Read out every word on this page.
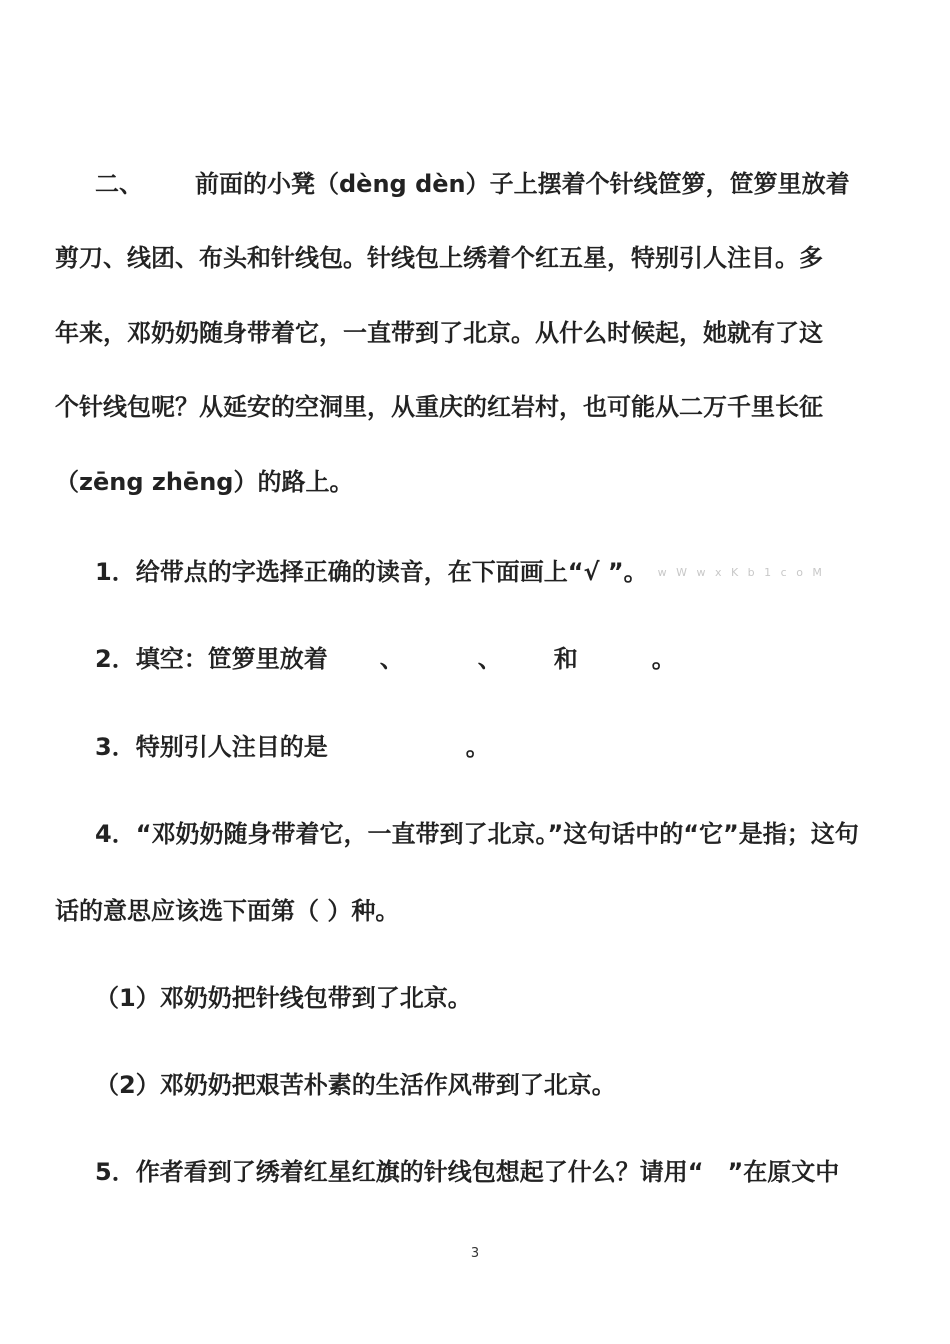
二、 前面的小凳（dèng dèn）子上摆着个针线笸箩，笸箩里放着
剪刀、线团、布头和针线包。针线包上绣着个红五星，特别引人注目。多
年来，邓奶奶随身带着它，一直带到了北京。从什么时候起，她就有了这
个针线包呢？从延安的空洞里，从重庆的红岩村，也可能从二万千里长征
（zēng zhēng）的路上。
1．给带点的字选择正确的读音，在下面画上“√ ”。 w W w x K b 1 c o M
2．填空：笸箩里放着 、	、 和	。
3．特别引人注目的是	。
4．“邓奶奶随身带着它，一直带到了北京。”这句话中的“它”是指；这句
话的意思应该选下面第（ ）种。
（1）邓奶奶把针线包带到了北京。
（2）邓奶奶把艰苦朴素的生活作风带到了北京。
5．作者看到了绣着红星红旗的针线包想起了什么？请用“ ”在原文中
3
